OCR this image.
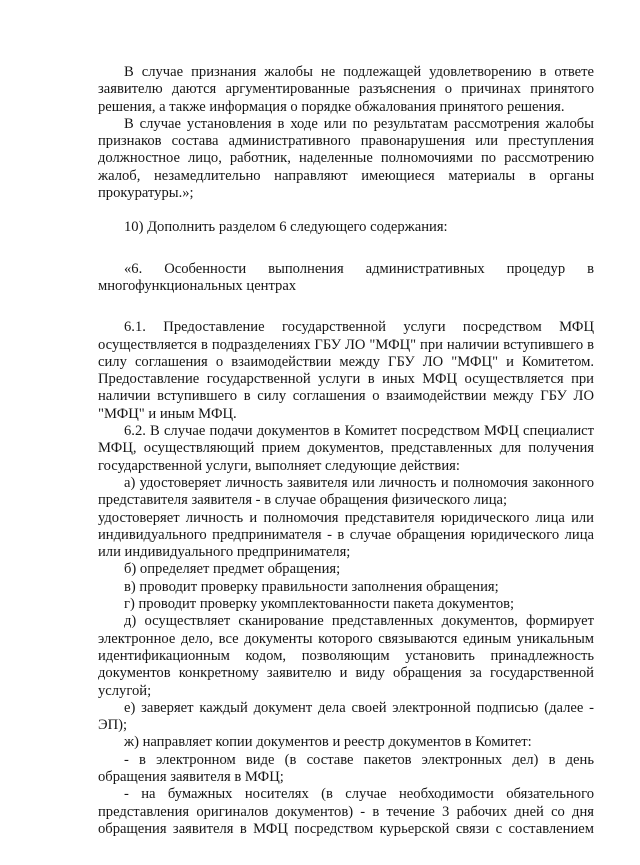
В случае признания жалобы не подлежащей удовлетворению в ответе заявителю даются аргументированные разъяснения о причинах принятого решения, а также информация о порядке обжалования принятого решения.

В случае установления в ходе или по результатам рассмотрения жалобы признаков состава административного правонарушения или преступления должностное лицо, работник, наделенные полномочиями по рассмотрению жалоб, незамедлительно направляют имеющиеся материалы в органы прокуратуры.»;

10) Дополнить разделом 6 следующего содержания:

«6. Особенности выполнения административных процедур в многофункциональных центрах

6.1. Предоставление государственной услуги посредством МФЦ осуществляется в подразделениях ГБУ ЛО "МФЦ" при наличии вступившего в силу соглашения о взаимодействии между ГБУ ЛО "МФЦ" и Комитетом. Предоставление государственной услуги в иных МФЦ осуществляется при наличии вступившего в силу соглашения о взаимодействии между ГБУ ЛО "МФЦ" и иным МФЦ.

6.2. В случае подачи документов в Комитет посредством МФЦ специалист МФЦ, осуществляющий прием документов, представленных для получения государственной услуги, выполняет следующие действия:

а) удостоверяет личность заявителя или личность и полномочия законного представителя заявителя - в случае обращения физического лица;

удостоверяет личность и полномочия представителя юридического лица или индивидуального предпринимателя - в случае обращения юридического лица или индивидуального предпринимателя;

б) определяет предмет обращения;

в) проводит проверку правильности заполнения обращения;

г) проводит проверку укомплектованности пакета документов;

д) осуществляет сканирование представленных документов, формирует электронное дело, все документы которого связываются единым уникальным идентификационным кодом, позволяющим установить принадлежность документов конкретному заявителю и виду обращения за государственной услугой;

е) заверяет каждый документ дела своей электронной подписью (далее - ЭП);

ж) направляет копии документов и реестр документов в Комитет:

- в электронном виде (в составе пакетов электронных дел) в день обращения заявителя в МФЦ;

- на бумажных носителях (в случае необходимости обязательного представления оригиналов документов) - в течение 3 рабочих дней со дня обращения заявителя в МФЦ посредством курьерской связи с составлением
